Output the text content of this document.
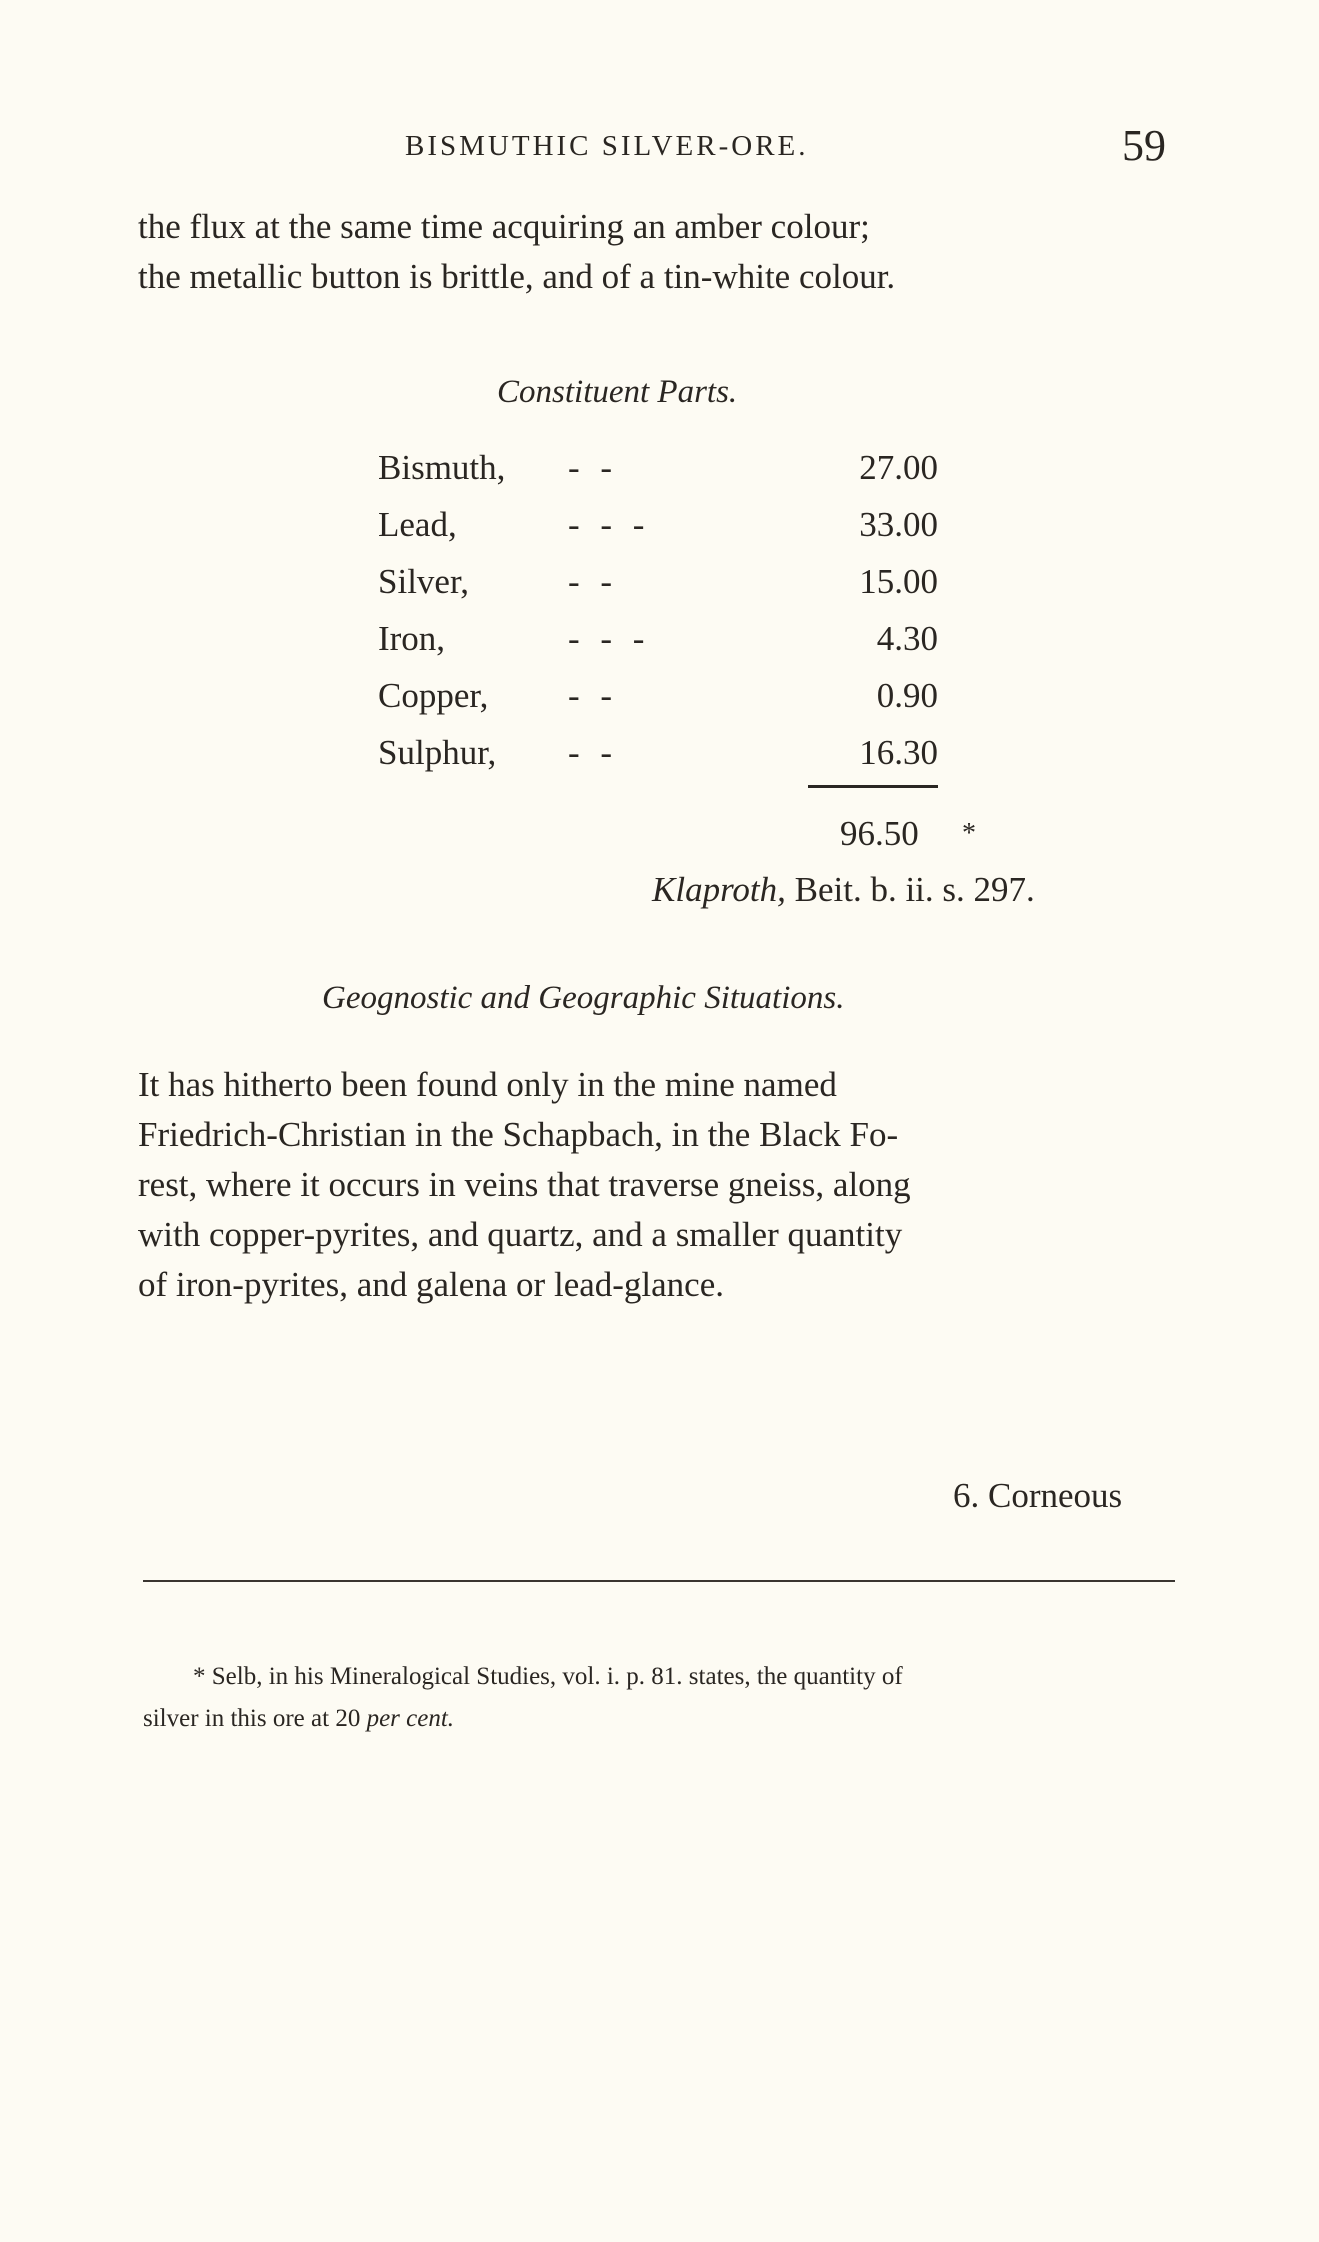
BISMUTHIC SILVER-ORE.	59
the flux at the same time acquiring an amber colour;
the metallic button is brittle, and of a tin-white colour.
Constituent Parts.
Bismuth, - -	27.00
Lead,	- - -	33.00
Silver,	- -	15.00
Iron,	- - -	4.30
Copper, - -	0.90
Sulphur, - -	16.30
96.50 *
Klaproth, Beit. b. ii. s. 297.
Geognostic and Geographic Situations.
It has hitherto been found only in the mine named
Friedrich-Christian in the Schapbach, in the Black Fo-
rest, where it occurs in veins that traverse gneiss, along
with copper-pyrites, and quartz, and a smaller quantity
of iron-pyrites, and galena or lead-glance.
6. Corneous
* Selb, in his Mineralogical Studies, vol. i. p. 81. states, the quantity of
silver in this ore at 20 per cent.
